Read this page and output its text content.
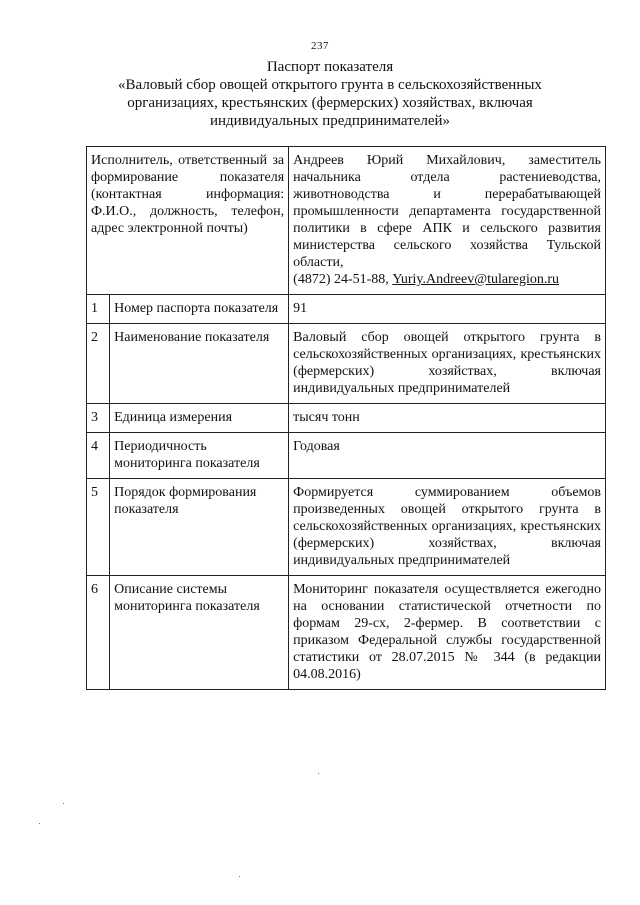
237
Паспорт показателя
«Валовый сбор овощей открытого грунта в сельскохозяйственных
организациях, крестьянских (фермерских) хозяйствах, включая
индивидуальных предпринимателей»
Исполнитель, ответственный за формирование показателя (контактная информация: Ф.И.О., должность, телефон, адрес электронной почты)		Андреев Юрий Михайлович, заместитель начальника отдела растениеводства, животноводства и перерабатывающей промышленности департамента государственной политики в сфере АПК и сельского развития министерства сельского хозяйства Тульской области,
(4872) 24-51-88, Yuriy.Andreev@tularegion.ru
1	Номер паспорта показателя	91
2	Наименование показателя	Валовый сбор овощей открытого грунта в сельскохозяйственных организациях, крестьянских (фермерских) хозяйствах, включая индивидуальных предпринимателей
3	Единица измерения	тысяч тонн
4	Периодичность мониторинга показателя	Годовая
5	Порядок формирования показателя	Формируется суммированием объемов произведенных овощей открытого грунта в сельскохозяйственных организациях, крестьянских (фермерских) хозяйствах, включая индивидуальных предпринимателей
6	Описание системы мониторинга показателя	Мониторинг показателя осуществляется ежегодно на основании статистической отчетности по формам 29-сх, 2-фермер. В соответствии с приказом Федеральной службы государственной статистики от 28.07.2015 № 344 (в редакции 04.08.2016)
